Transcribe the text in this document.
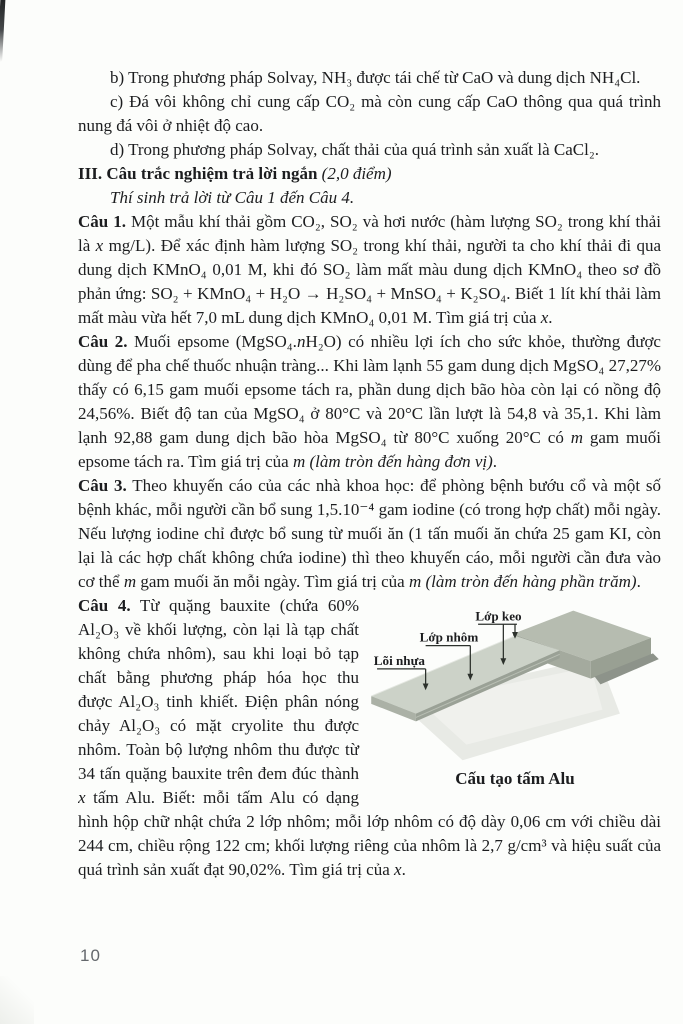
b) Trong phương pháp Solvay, NH₃ được tái chế từ CaO và dung dịch NH₄Cl.

c) Đá vôi không chỉ cung cấp CO₂ mà còn cung cấp CaO thông qua quá trình nung đá vôi ở nhiệt độ cao.

d) Trong phương pháp Solvay, chất thải của quá trình sản xuất là CaCl₂.

III. Câu trắc nghiệm trả lời ngắn (2,0 điểm)

Thí sinh trả lời từ Câu 1 đến Câu 4.

Câu 1. Một mẫu khí thải gồm CO₂, SO₂ và hơi nước (hàm lượng SO₂ trong khí thải là x mg/L). Để xác định hàm lượng SO₂ trong khí thải, người ta cho khí thải đi qua dung dịch KMnO₄ 0,01 M, khi đó SO₂ làm mất màu dung dịch KMnO₄ theo sơ đồ phản ứng: SO₂ + KMnO₄ + H₂O → H₂SO₄ + MnSO₄ + K₂SO₄. Biết 1 lít khí thải làm mất màu vừa hết 7,0 mL dung dịch KMnO₄ 0,01 M. Tìm giá trị của x.

Câu 2. Muối epsome (MgSO₄.nH₂O) có nhiều lợi ích cho sức khỏe, thường được dùng để pha chế thuốc nhuận tràng... Khi làm lạnh 55 gam dung dịch MgSO₄ 27,27% thấy có 6,15 gam muối epsome tách ra, phần dung dịch bão hòa còn lại có nồng độ 24,56%. Biết độ tan của MgSO₄ ở 80°C và 20°C lần lượt là 54,8 và 35,1. Khi làm lạnh 92,88 gam dung dịch bão hòa MgSO₄ từ 80°C xuống 20°C có m gam muối epsome tách ra. Tìm giá trị của m (làm tròn đến hàng đơn vị).

Câu 3. Theo khuyến cáo của các nhà khoa học: để phòng bệnh bướu cổ và một số bệnh khác, mỗi người cần bổ sung 1,5.10⁻⁴ gam iodine (có trong hợp chất) mỗi ngày. Nếu lượng iodine chỉ được bổ sung từ muối ăn (1 tấn muối ăn chứa 25 gam KI, còn lại là các hợp chất không chứa iodine) thì theo khuyến cáo, mỗi người cần đưa vào cơ thể m gam muối ăn mỗi ngày. Tìm giá trị của m (làm tròn đến hàng phần trăm).

Lớp keo
Lớp nhôm
Lõi nhựa
Cấu tạo tấm Alu

Câu 4. Từ quặng bauxite (chứa 60% Al₂O₃ về khối lượng, còn lại là tạp chất không chứa nhôm), sau khi loại bỏ tạp chất bằng phương pháp hóa học thu được Al₂O₃ tinh khiết. Điện phân nóng chảy Al₂O₃ có mặt cryolite thu được nhôm. Toàn bộ lượng nhôm thu được từ 34 tấn quặng bauxite trên đem đúc thành x tấm Alu. Biết: mỗi tấm Alu có dạng hình hộp chữ nhật chứa 2 lớp nhôm; mỗi lớp nhôm có độ dày 0,06 cm với chiều dài 244 cm, chiều rộng 122 cm; khối lượng riêng của nhôm là 2,7 g/cm³ và hiệu suất của quá trình sản xuất đạt 90,02%. Tìm giá trị của x.

10
